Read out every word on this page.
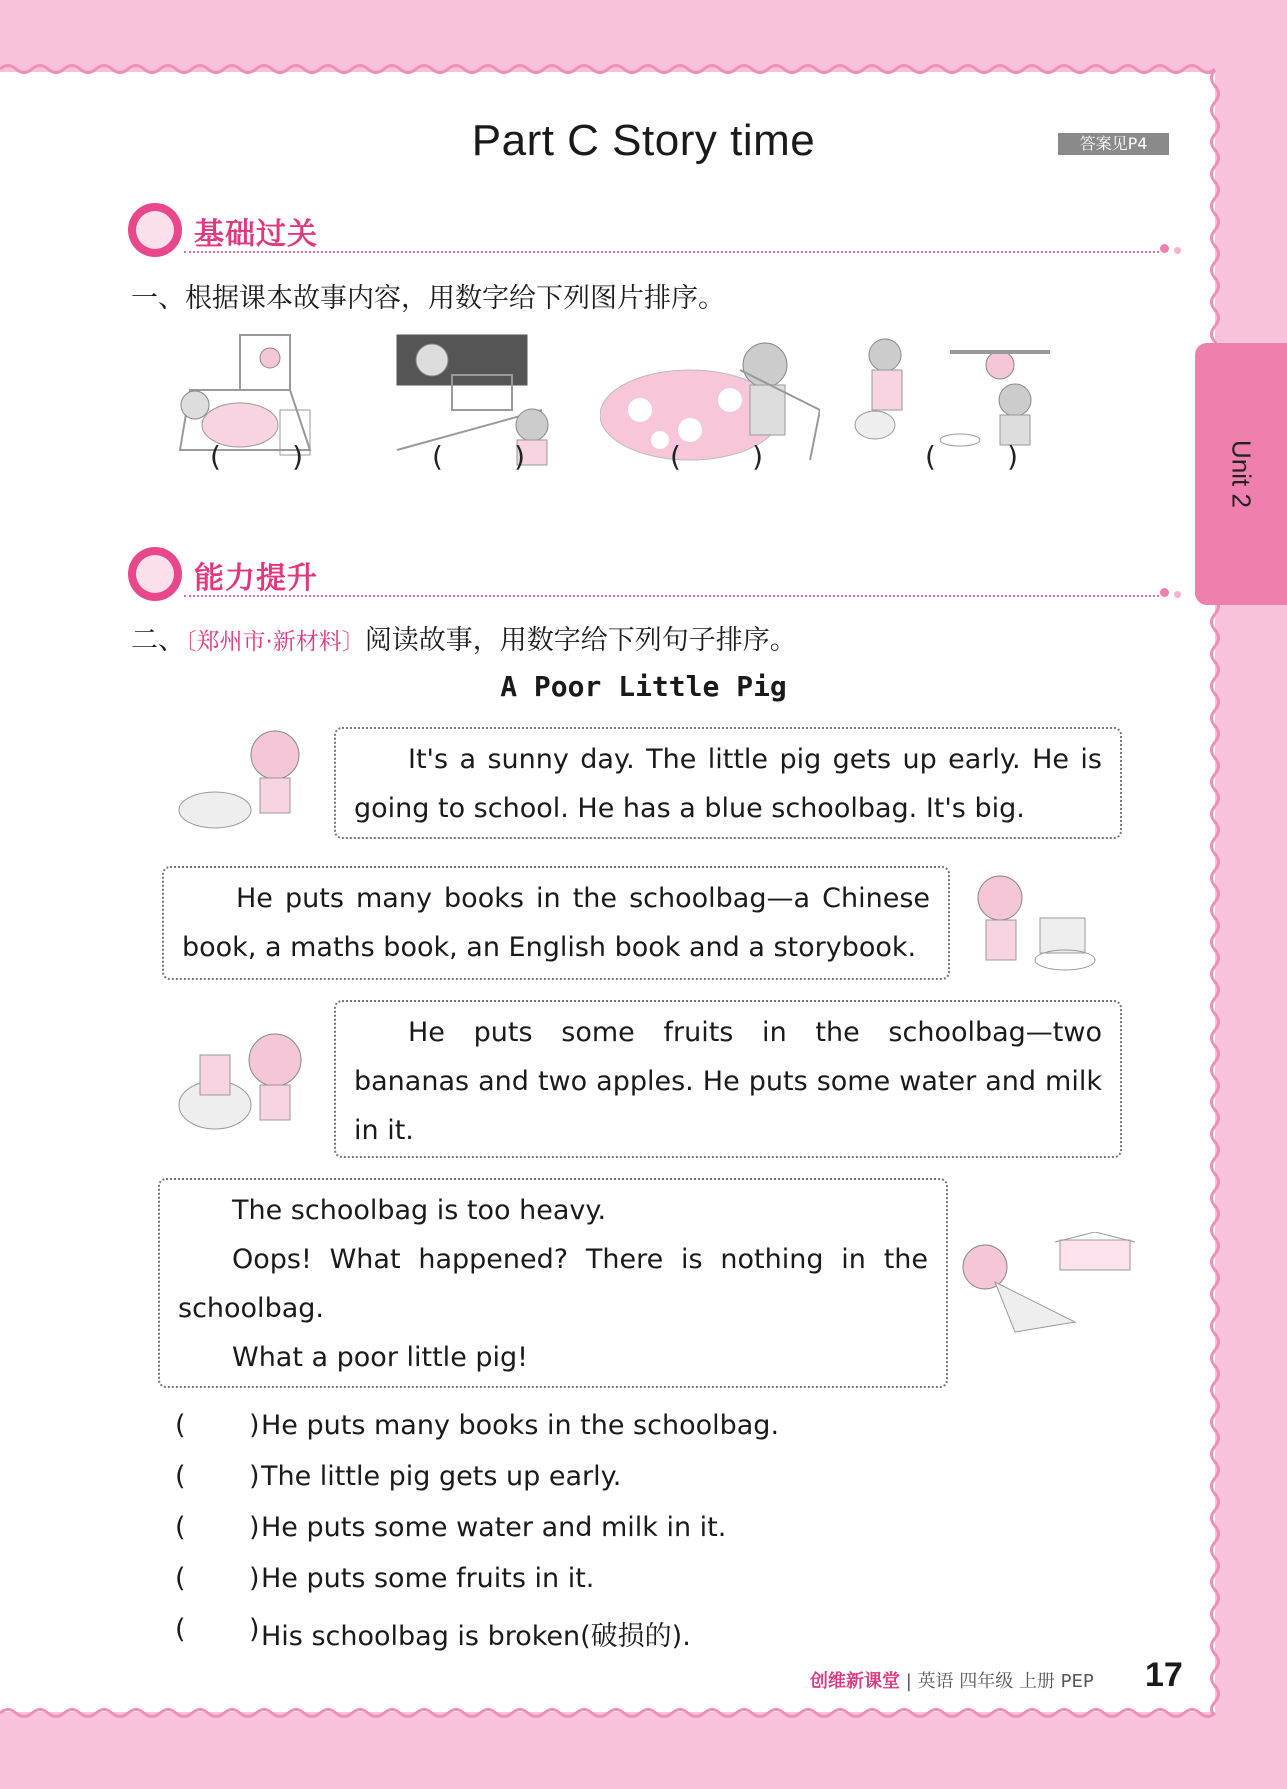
Part C Story time	答案见P4
Unit 2
基础过关
一、根据课本故事内容，用数字给下列图片排序。
(        )	(        )	(        )	(        )
能力提升
二、〔郑州市·新材料〕阅读故事，用数字给下列句子排序。
A Poor Little Pig

It's a sunny day. The little pig gets up early. He is going to school. He has a blue schoolbag. It's big.

He puts many books in the schoolbag—a Chinese book, a maths book, an English book and a storybook.

He puts some fruits in the schoolbag—two bananas and two apples. He puts some water and milk in it.

The schoolbag is too heavy.

Oops! What happened? There is nothing in the schoolbag.

What a poor little pig!

( ) He puts many books in the schoolbag.
( ) The little pig gets up early.
( ) He puts some water and milk in it.
( ) He puts some fruits in it.
( ) His schoolbag is broken(破损的).
创维新课堂 | 英语 四年级 上册 PEP 17
